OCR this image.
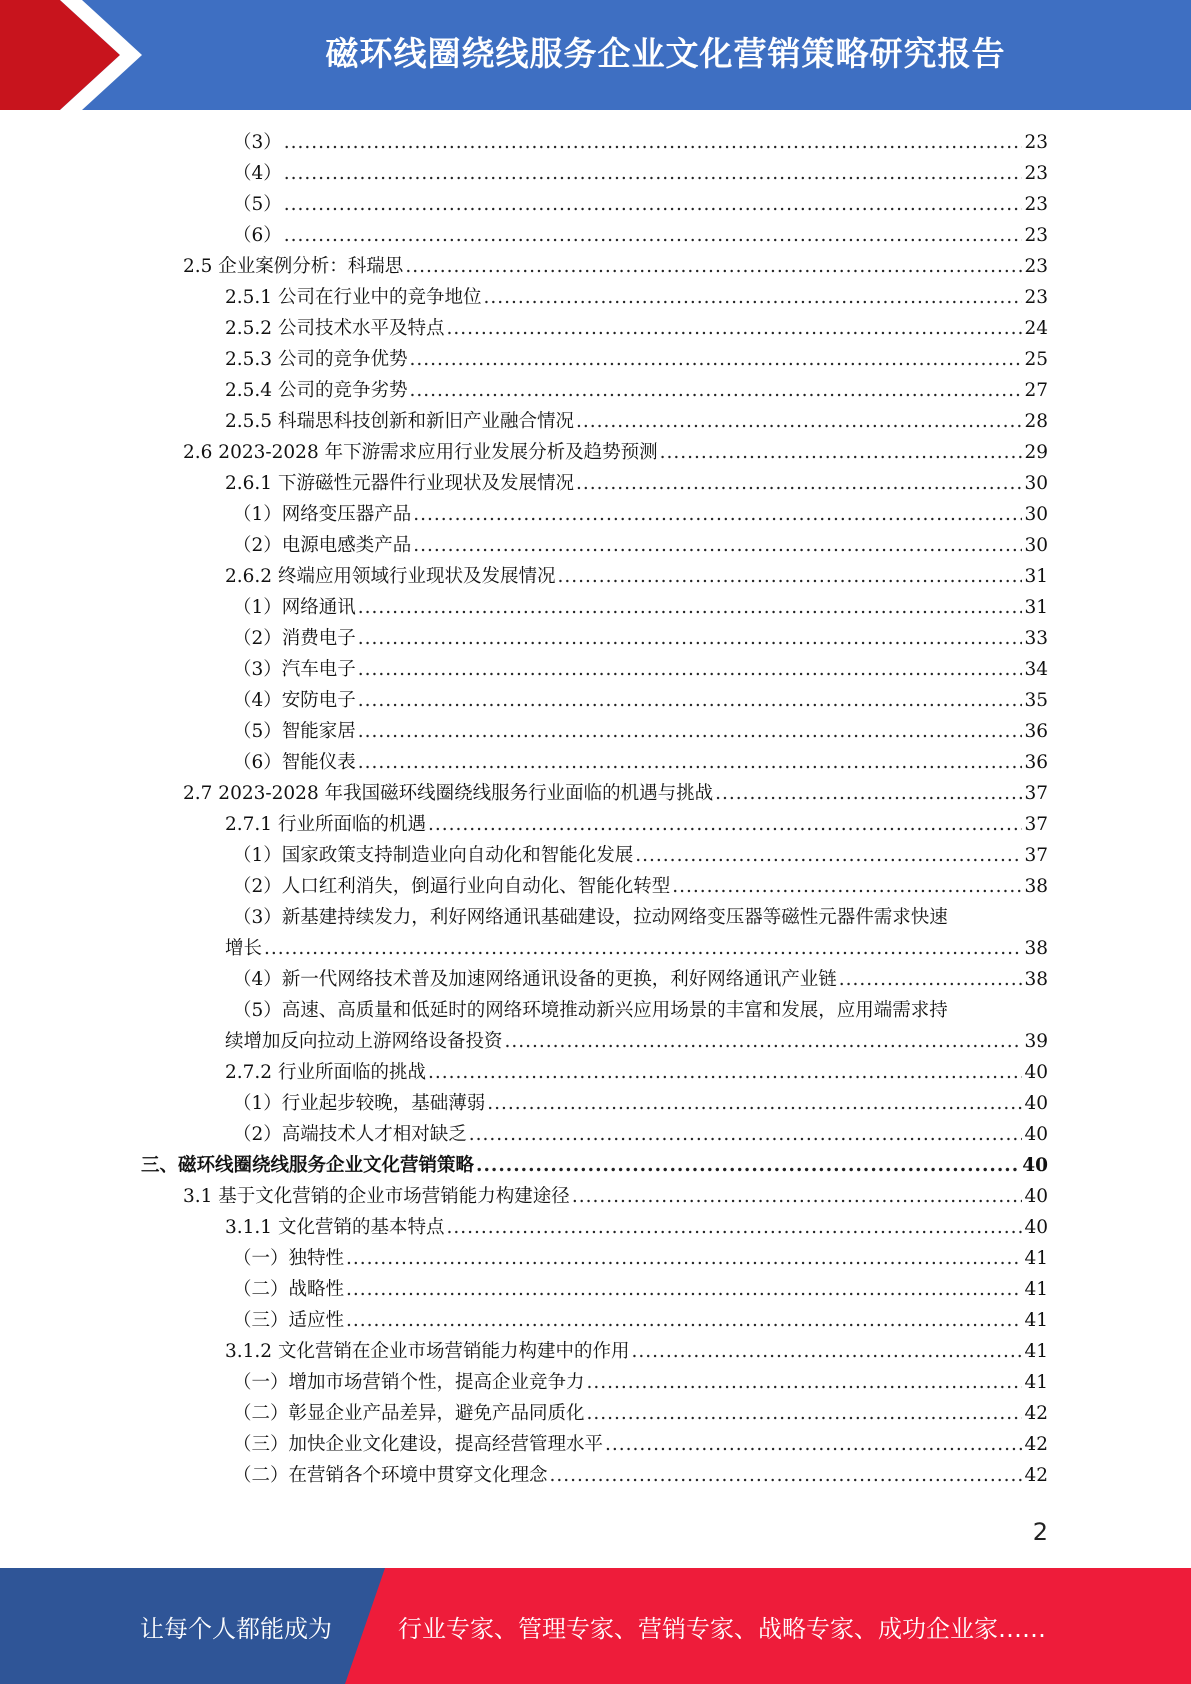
磁环线圈绕线服务企业文化营销策略研究报告
（3） .....	23
（4） .....	23
（5） .....	23
（6） .....	23
2.5 企业案例分析：科瑞思 .....	23
2.5.1 公司在行业中的竞争地位 .....	23
2.5.2 公司技术水平及特点 .....	24
2.5.3 公司的竞争优势 .....	25
2.5.4 公司的竞争劣势 .....	27
2.5.5 科瑞思科技创新和新旧产业融合情况 .....	28
2.6 2023-2028 年下游需求应用行业发展分析及趋势预测 .....	29
2.6.1 下游磁性元器件行业现状及发展情况 .....	30
（1）网络变压器产品 .....	30
（2）电源电感类产品 .....	30
2.6.2 终端应用领域行业现状及发展情况 .....	31
（1）网络通讯 .....	31
（2）消费电子 .....	33
（3）汽车电子 .....	34
（4）安防电子 .....	35
（5）智能家居 .....	36
（6）智能仪表 .....	36
2.7 2023-2028 年我国磁环线圈绕线服务行业面临的机遇与挑战 .....	37
2.7.1 行业所面临的机遇 .....	37
（1）国家政策支持制造业向自动化和智能化发展 .....	37
（2）人口红利消失，倒逼行业向自动化、智能化转型 .....	38
（3）新基建持续发力，利好网络通讯基础建设，拉动网络变压器等磁性元器件需求快速
增长 .....	38
（4）新一代网络技术普及加速网络通讯设备的更换，利好网络通讯产业链 .....	38
（5）高速、高质量和低延时的网络环境推动新兴应用场景的丰富和发展，应用端需求持
续增加反向拉动上游网络设备投资 .....	39
2.7.2 行业所面临的挑战 .....	40
（1）行业起步较晚，基础薄弱 .....	40
（2）高端技术人才相对缺乏 .....	40
三、磁环线圈绕线服务企业文化营销策略 .....	40
3.1 基于文化营销的企业市场营销能力构建途径 .....	40
3.1.1 文化营销的基本特点 .....	40
（一）独特性 .....	41
（二）战略性 .....	41
（三）适应性 .....	41
3.1.2 文化营销在企业市场营销能力构建中的作用 .....	41
（一）增加市场营销个性，提高企业竞争力 .....	41
（二）彰显企业产品差异，避免产品同质化 .....	42
（三）加快企业文化建设，提高经营管理水平 .....	42
（二）在营销各个环境中贯穿文化理念 .....	42
2
让每个人都能成为	行业专家、管理专家、营销专家、战略专家、成功企业家……
